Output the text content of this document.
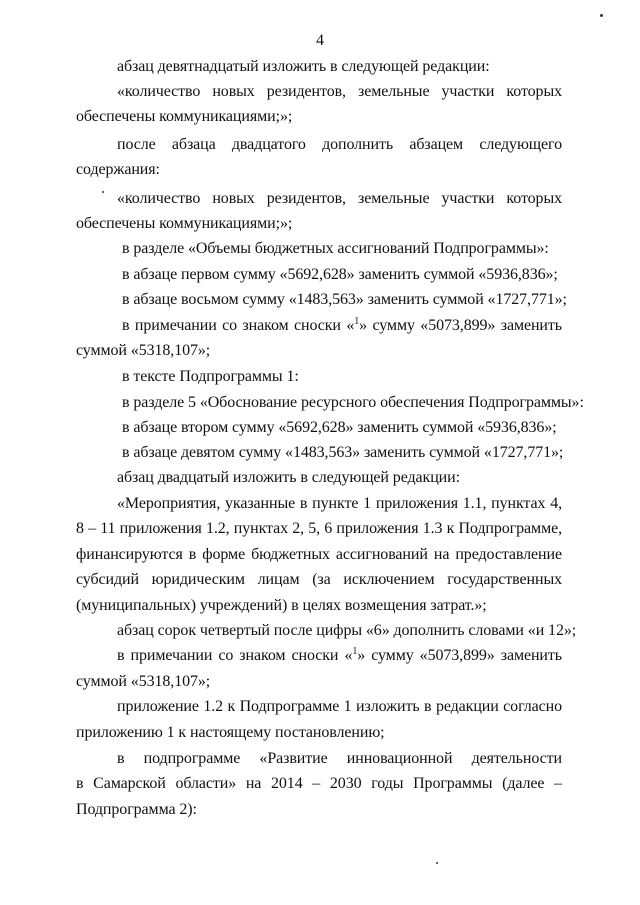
4
абзац девятнадцатый изложить в следующей редакции:
«количество новых резидентов, земельные участки которых
обеспечены коммуникациями;»;
после абзаца двадцатого дополнить абзацем следующего
содержания:
«количество новых резидентов, земельные участки которых
обеспечены коммуникациями;»;
в разделе «Объемы бюджетных ассигнований Подпрограммы»:
в абзаце первом сумму «5692,628» заменить суммой «5936,836»;
в абзаце восьмом сумму «1483,563» заменить суммой «1727,771»;
в примечании со знаком сноски «$^1$» сумму «5073,899» заменить
суммой «5318,107»;
в тексте Подпрограммы 1:
в разделе 5 «Обоснование ресурсного обеспечения Подпрограммы»:
в абзаце втором сумму «5692,628» заменить суммой «5936,836»;
в абзаце девятом сумму «1483,563» заменить суммой «1727,771»;
абзац двадцатый изложить в следующей редакции:
«Мероприятия, указанные в пункте 1 приложения 1.1, пунктах 4,
8 – 11 приложения 1.2, пунктах 2, 5, 6 приложения 1.3 к Подпрограмме,
финансируются в форме бюджетных ассигнований на предоставление
субсидий юридическим лицам (за исключением государственных
(муниципальных) учреждений) в целях возмещения затрат.»;
абзац сорок четвертый после цифры «6» дополнить словами «и 12»;
в примечании со знаком сноски «$^1$» сумму «5073,899» заменить
суммой «5318,107»;
приложение 1.2 к Подпрограмме 1 изложить в редакции согласно
приложению 1 к настоящему постановлению;
в подпрограмме «Развитие инновационной деятельности
в Самарской области» на 2014 – 2030 годы Программы (далее –
Подпрограмма 2):
